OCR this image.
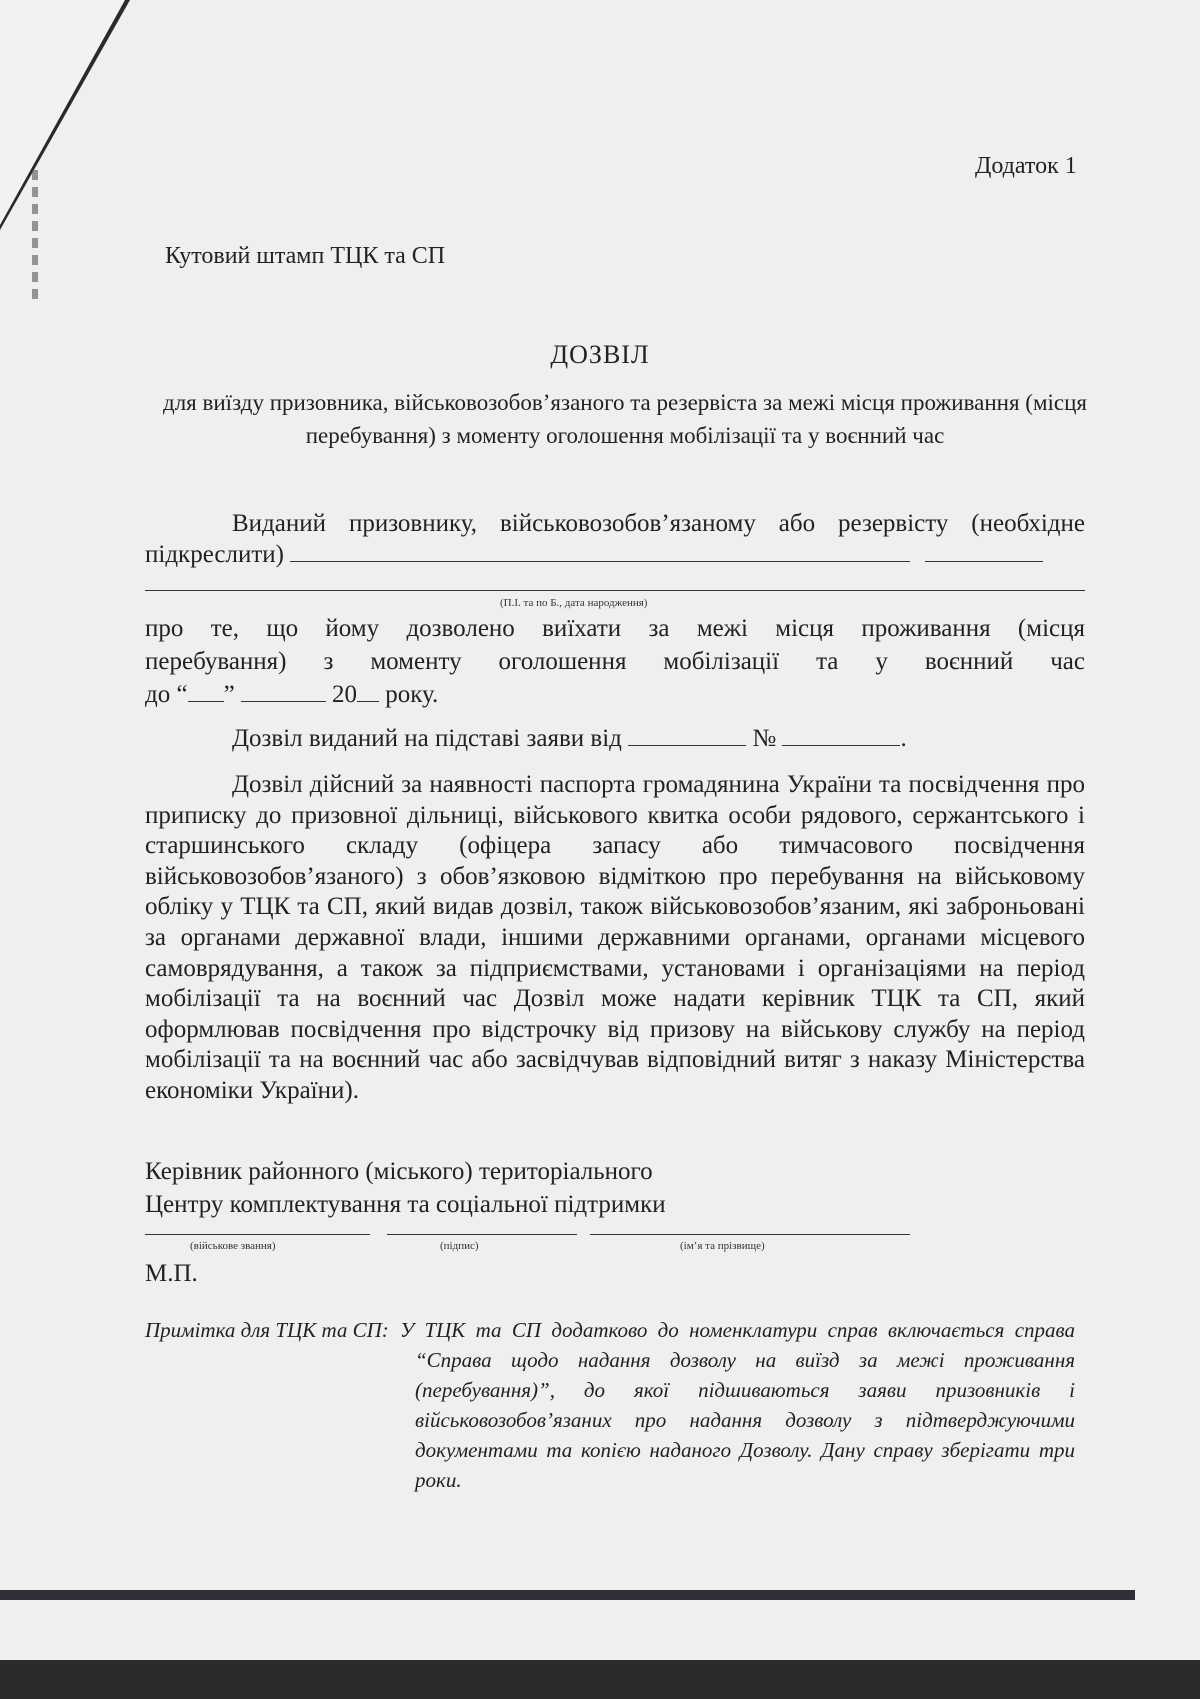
Додаток 1
Кутовий штамп ТЦК та СП
ДОЗВІЛ
для виїзду призовника, військовозобов’язаного та резервіста за межі місця проживання (місця перебування) з моменту оголошення мобілізації та у воєнний час
Виданий призовнику, військовозобов’язаному або резервісту (необхідне підкреслити)
(П.І. та по Б., дата народження)
про те, що йому дозволено виїхати за межі місця проживання (місця
перебування) з моменту оголошення мобілізації та у воєнний час
до “ ”	20 року.
Дозвіл виданий на підставі заяви від	№	.
Дозвіл дійсний за наявності паспорта громадянина України та посвідчення про приписку до призовної дільниці, військового квитка особи рядового, сержантського і старшинського складу (офіцера запасу або тимчасового посвідчення військовозобов’язаного) з обов’язковою відміткою про перебування на військовому обліку у ТЦК та СП, який видав дозвіл, також військовозобов’язаним, які заброньовані за органами державної влади, іншими державними органами, органами місцевого самоврядування, а також за підприємствами, установами і організаціями на період мобілізації та на воєнний час Дозвіл може надати керівник ТЦК та СП, який оформлював посвідчення про відстрочку від призову на військову службу на період мобілізації та на воєнний час або засвідчував відповідний витяг з наказу Міністерства економіки України).
Керівник районного (міського) територіального
Центру комплектування та соціальної підтримки
(військове звання)	(підпис)	(ім’я та прізвище)
М.П.
Примітка для ТЦК та СП: У ТЦК та СП додатково до номенклатури справ включається справа “Справа щодо надання дозволу на виїзд за межі проживання (перебування)”, до якої підшиваються заяви призовників і військовозобов’язаних про надання дозволу з підтверджуючими документами та копією наданого Дозволу. Дану справу зберігати три роки.
